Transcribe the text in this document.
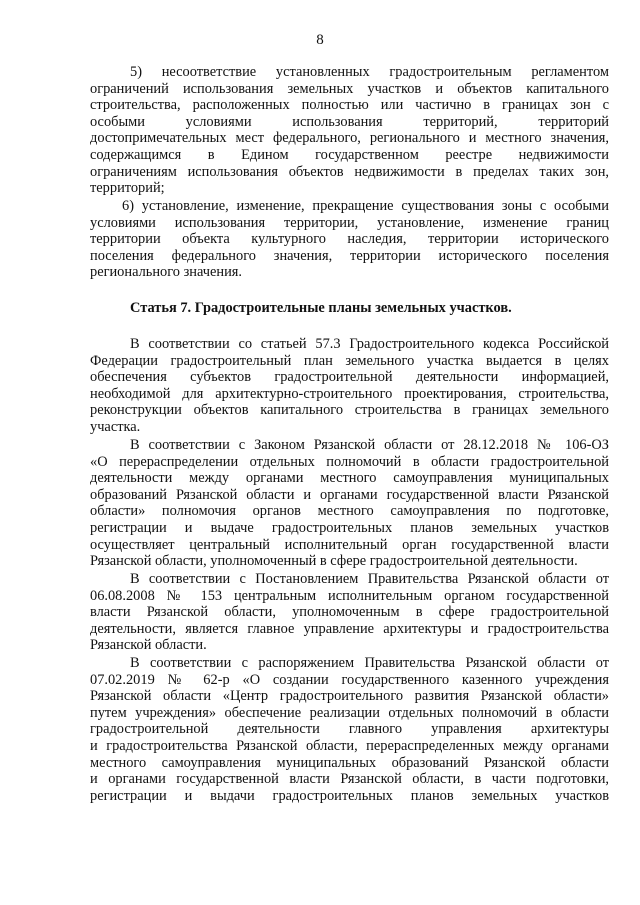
8
5) несоответствие установленных градостроительным регламентом
ограничений использования земельных участков и объектов капитального
строительства, расположенных полностью или частично в границах зон с
особыми условиями использования территорий, территорий
достопримечательных мест федерального, регионального и местного значения,
содержащимся в Едином государственном реестре недвижимости
ограничениям использования объектов недвижимости в пределах таких зон,
территорий;
6) установление, изменение, прекращение существования зоны с особыми
условиями использования территории, установление, изменение границ
территории объекта культурного наследия, территории исторического
поселения федерального значения, территории исторического поселения
регионального значения.
Статья 7. Градостроительные планы земельных участков.
В соответствии со статьей 57.3 Градостроительного кодекса Российской
Федерации градостроительный план земельного участка выдается в целях
обеспечения субъектов градостроительной деятельности информацией,
необходимой для архитектурно-строительного проектирования, строительства,
реконструкции объектов капитального строительства в границах земельного
участка.
В соответствии с Законом Рязанской области от 28.12.2018 № 106-ОЗ
«О перераспределении отдельных полномочий в области градостроительной
деятельности между органами местного самоуправления муниципальных
образований Рязанской области и органами государственной власти Рязанской
области» полномочия органов местного самоуправления по подготовке,
регистрации и выдаче градостроительных планов земельных участков
осуществляет центральный исполнительный орган государственной власти
Рязанской области, уполномоченный в сфере градостроительной деятельности.
В соответствии с Постановлением Правительства Рязанской области от
06.08.2008 № 153 центральным исполнительным органом государственной
власти Рязанской области, уполномоченным в сфере градостроительной
деятельности, является главное управление архитектуры и градостроительства
Рязанской области.
В соответствии с распоряжением Правительства Рязанской области от
07.02.2019 № 62-р «О создании государственного казенного учреждения
Рязанской области «Центр градостроительного развития Рязанской области»
путем учреждения» обеспечение реализации отдельных полномочий в области
градостроительной деятельности главного управления архитектуры
и градостроительства Рязанской области, перераспределенных между органами
местного самоуправления муниципальных образований Рязанской области
и органами государственной власти Рязанской области, в части подготовки,
регистрации и выдачи градостроительных планов земельных участков
